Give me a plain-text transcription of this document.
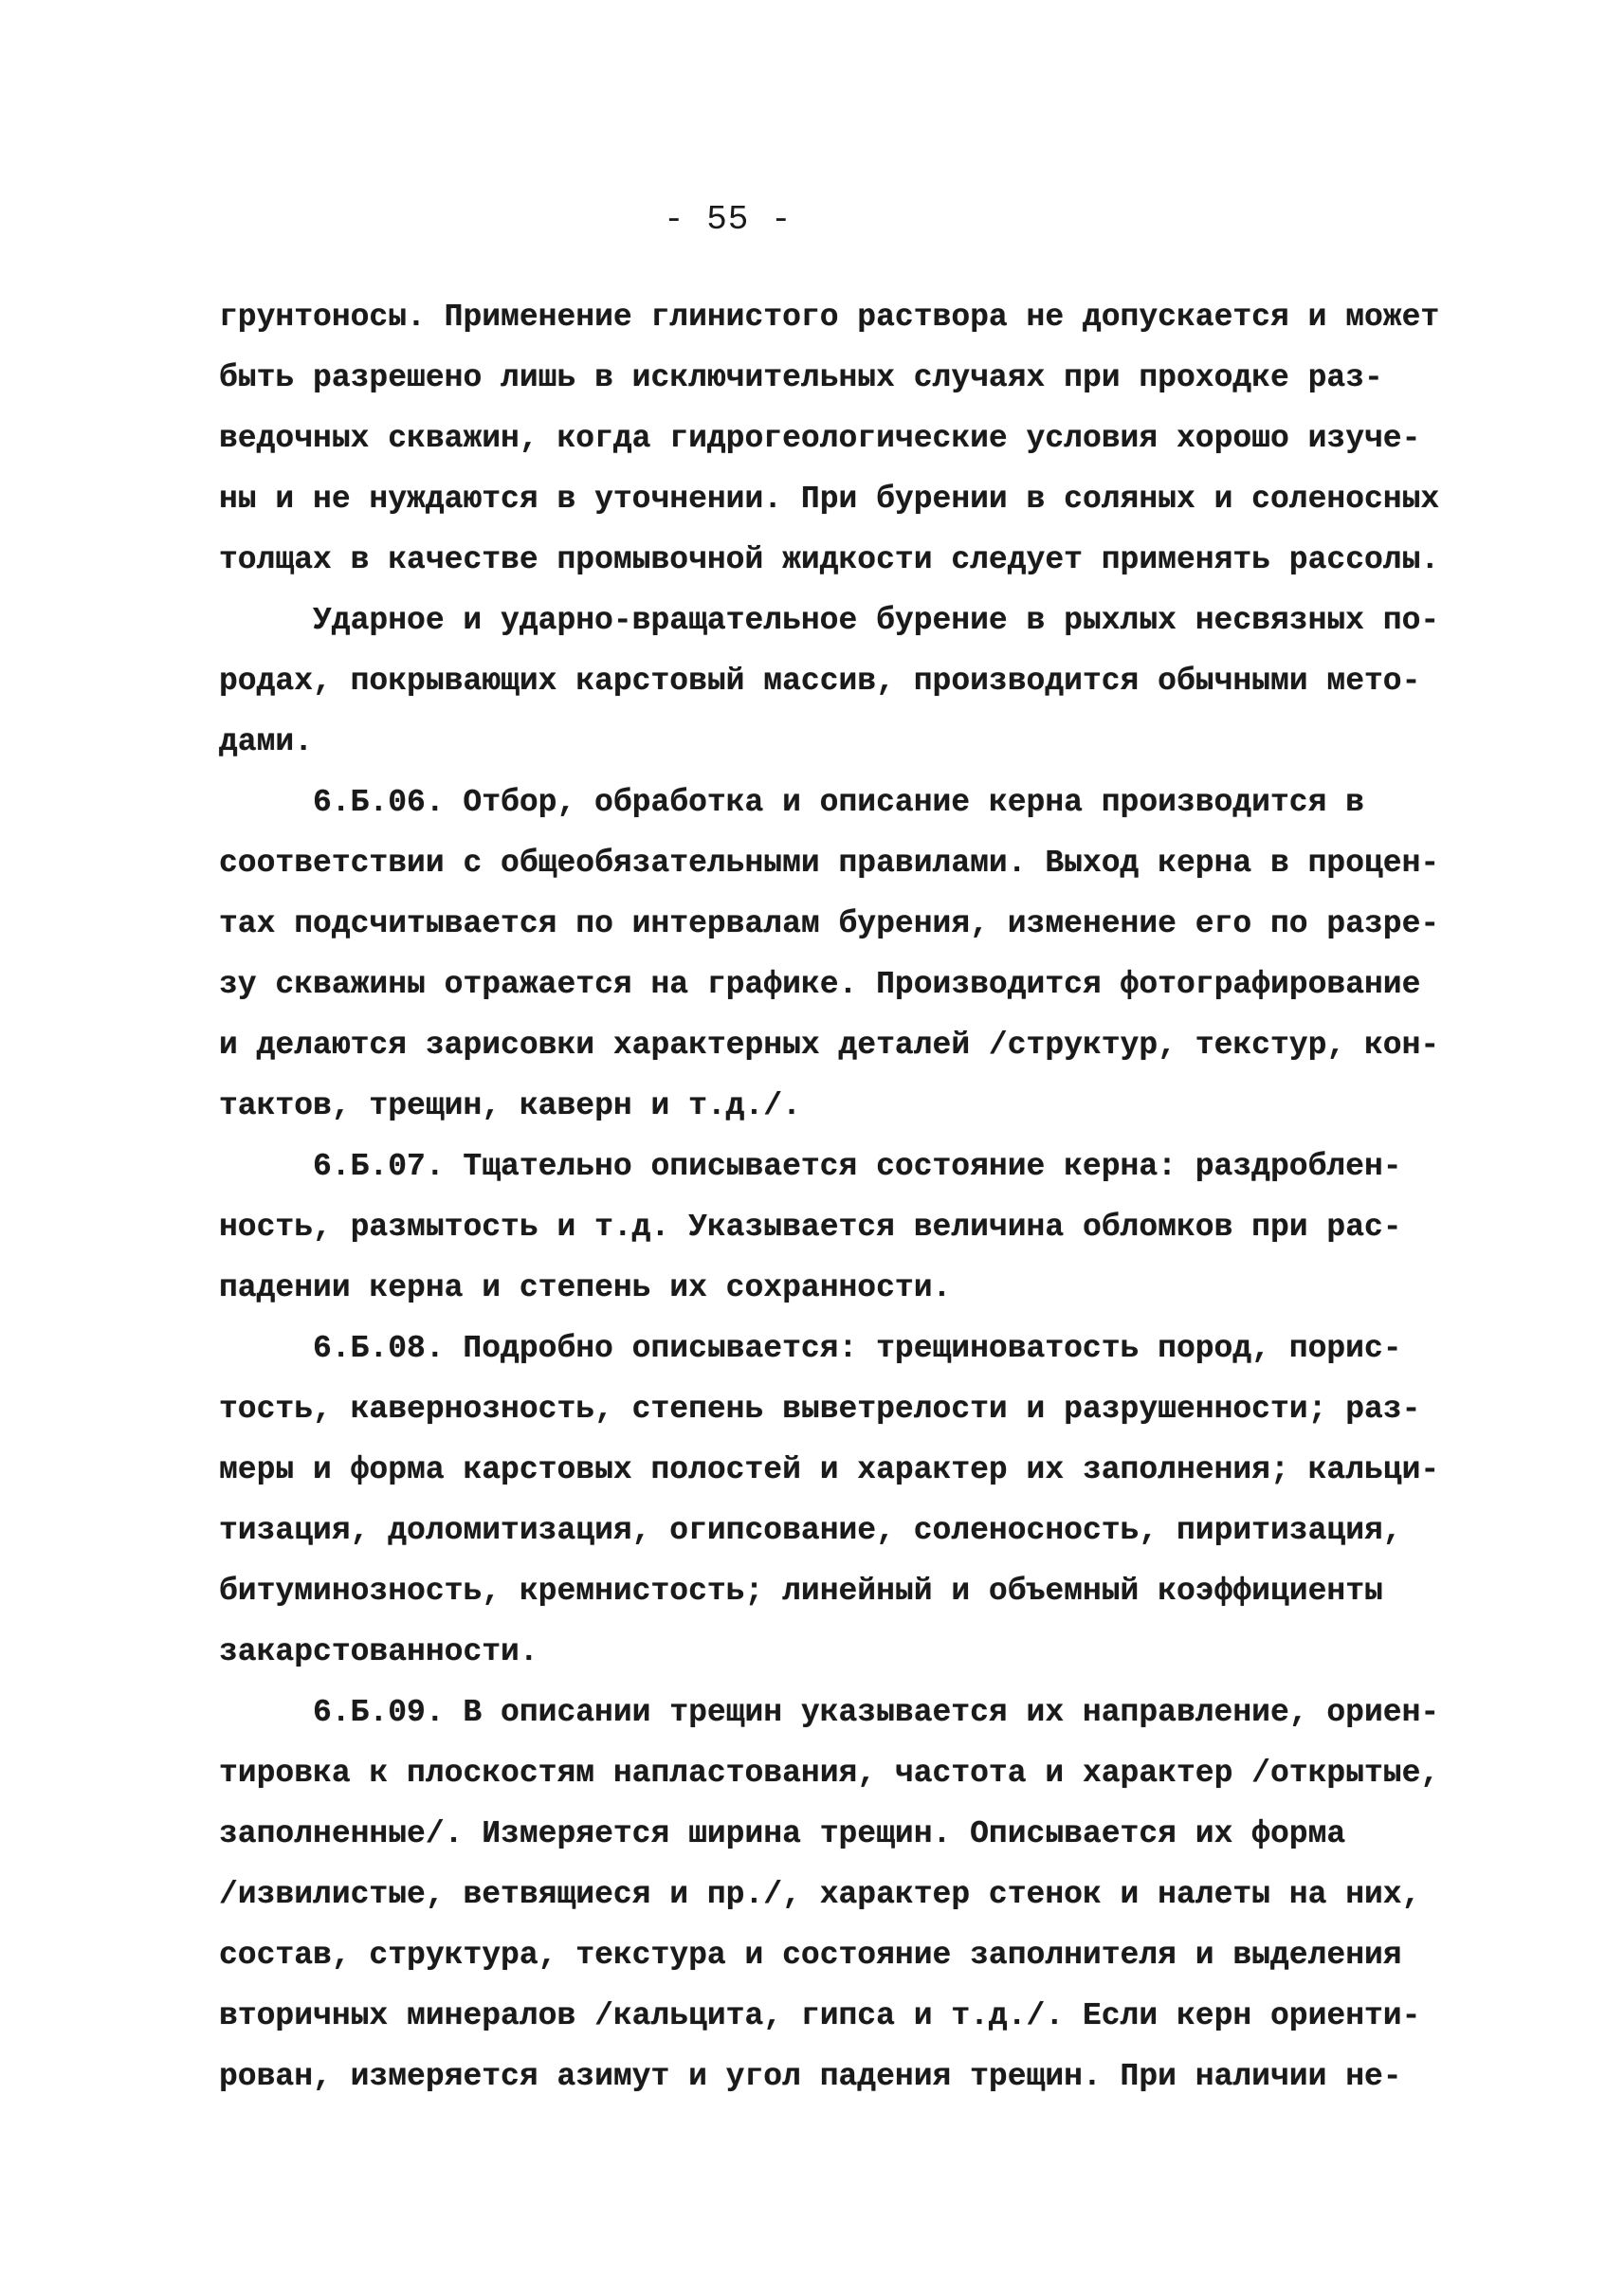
- 55 -
грунтоносы. Применение глинистого раствора не допускается и может
быть разрешено лишь в исключительных случаях при проходке раз-
ведочных скважин, когда гидрогеологические условия хорошо изуче-
ны и не нуждаются в уточнении. При бурении в соляных и соленосных
толщах в качестве промывочной жидкости следует применять рассолы.
Ударное и ударно-вращательное бурение в рыхлых несвязных по-
родах, покрывающих карстовый массив, производится обычными мето-
дами.
6.Б.06. Отбор, обработка и описание керна производится в
соответствии с общеобязательными правилами. Выход керна в процен-
тах подсчитывается по интервалам бурения, изменение его по разре-
зу скважины отражается на графике. Производится фотографирование
и делаются зарисовки характерных деталей /структур, текстур, кон-
тактов, трещин, каверн и т.д./.
6.Б.07. Тщательно описывается состояние керна: раздроблен-
ность, размытость и т.д. Указывается величина обломков при рас-
падении керна и степень их сохранности.
6.Б.08. Подробно описывается: трещиноватость пород, порис-
тость, кавернозность, степень выветрелости и разрушенности; раз-
меры и форма карстовых полостей и характер их заполнения; кальци-
тизация, доломитизация, огипсование, соленосность, пиритизация,
битуминозность, кремнистость; линейный и объемный коэффициенты
закарстованности.
6.Б.09. В описании трещин указывается их направление, ориен-
тировка к плоскостям напластования, частота и характер /открытые,
заполненные/. Измеряется ширина трещин. Описывается их форма
/извилистые, ветвящиеся и пр./, характер стенок и налеты на них,
состав, структура, текстура и состояние заполнителя и выделения
вторичных минералов /кальцита, гипса и т.д./. Если керн ориенти-
рован, измеряется азимут и угол падения трещин. При наличии не-
